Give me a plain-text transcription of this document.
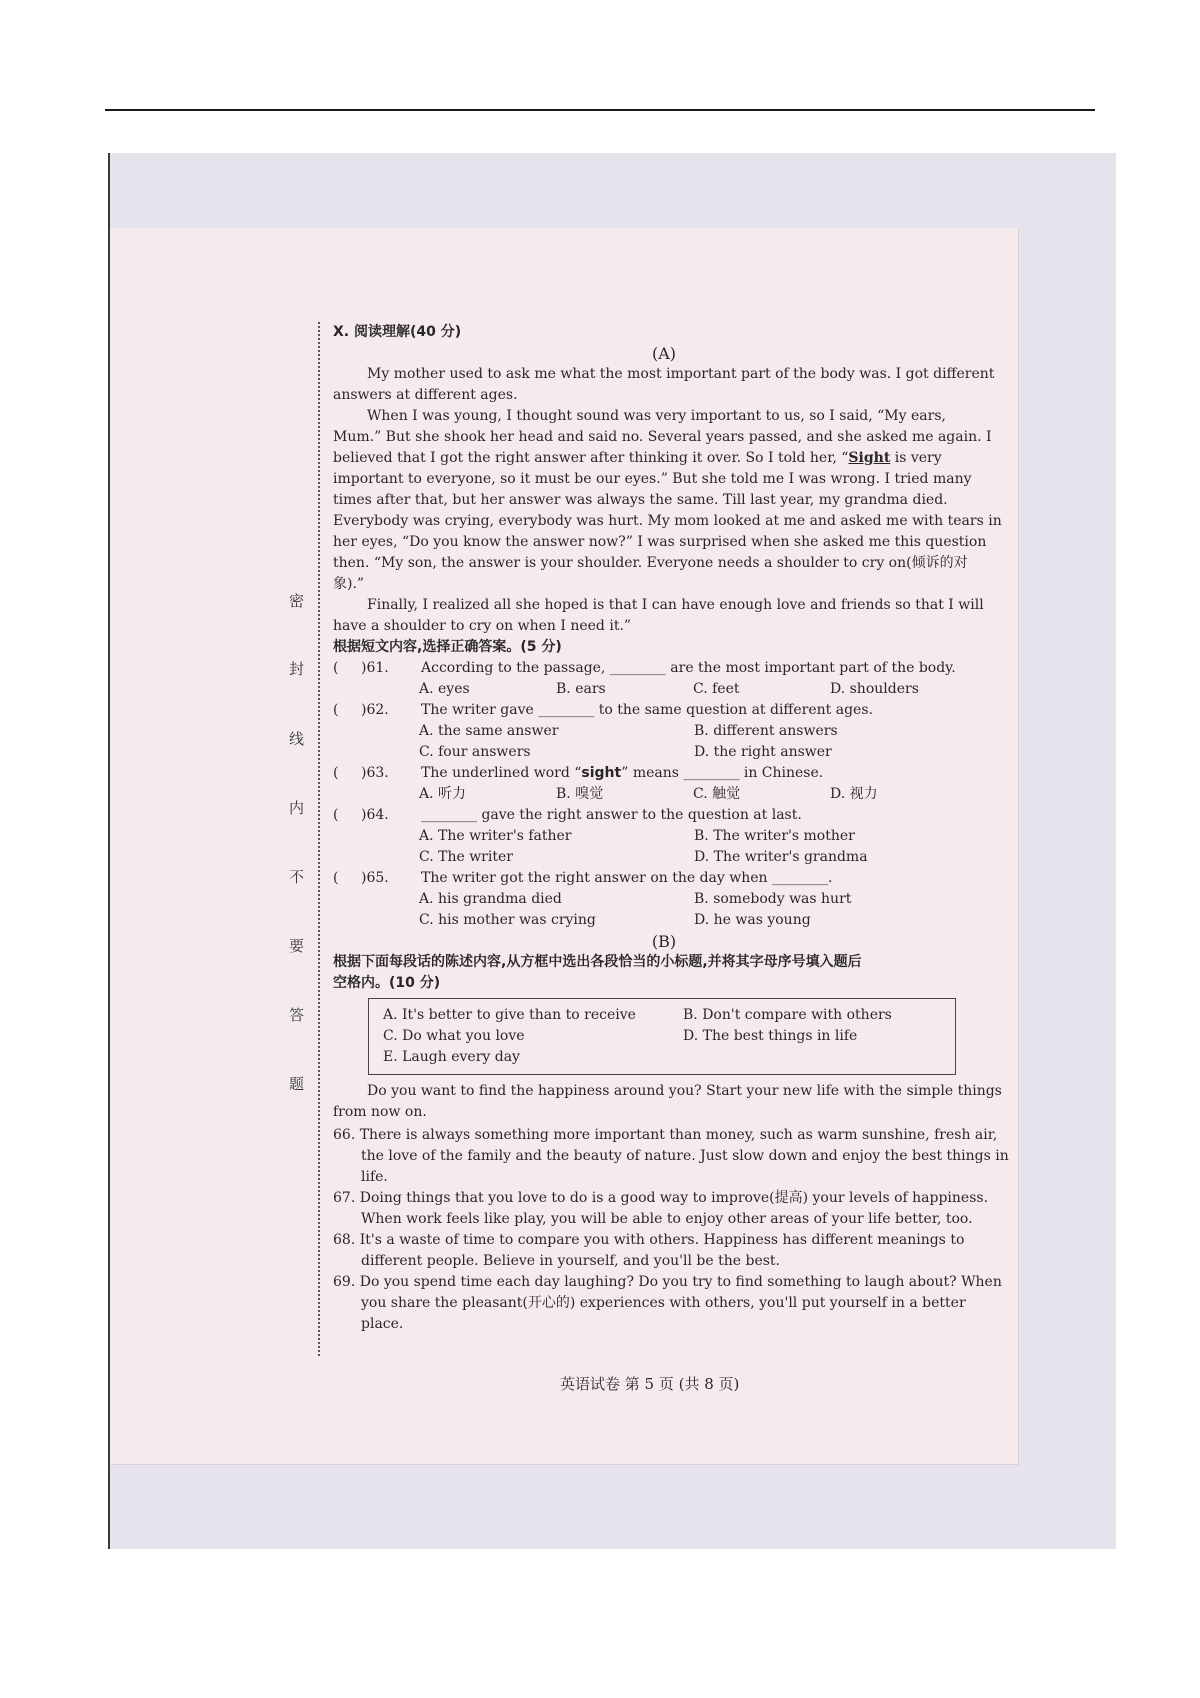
密
封
线
内
不
要
答
题
X. 阅读理解(40 分)
(A)
My mother used to ask me what the most important part of the body was. I got different
answers at different ages.
When I was young, I thought sound was very important to us, so I said, “My ears,
Mum.” But she shook her head and said no. Several years passed, and she asked me again. I
believed that I got the right answer after thinking it over. So I told her, “Sight is very
important to everyone, so it must be our eyes.” But she told me I was wrong. I tried many
times after that, but her answer was always the same. Till last year, my grandma died.
Everybody was crying, everybody was hurt. My mom looked at me and asked me with tears in
her eyes, “Do you know the answer now?” I was surprised when she asked me this question
then. “My son, the answer is your shoulder. Everyone needs a shoulder to cry on(倾诉的对
象).”
Finally, I realized all she hoped is that I can have enough love and friends so that I will
have a shoulder to cry on when I need it.”
根据短文内容,选择正确答案。(5 分)
(	)61.	According to the passage, ________ are the most important part of the body.
A. eyes	B. ears	C. feet	D. shoulders
(	)62.	The writer gave ________ to the same question at different ages.
A. the same answer	B. different answers
C. four answers	D. the right answer
(	)63.	The underlined word “ sight ” means ________ in Chinese.
A. 听力	B. 嗅觉	C. 触觉	D. 视力
(	)64.	________ gave the right answer to the question at last.
A. The writer's father	B. The writer's mother
C. The writer	D. The writer's grandma
(	)65.	The writer got the right answer on the day when ________.
A. his grandma died	B. somebody was hurt
C. his mother was crying	D. he was young
(B)
根据下面每段话的陈述内容,从方框中选出各段恰当的小标题,并将其字母序号填入题后
空格内。(10 分)
A. It's better to give than to receive	B. Don't compare with others
C. Do what you love	D. The best things in life
E. Laugh every day
Do you want to find the happiness around you? Start your new life with the simple things
from now on.
66. There is always something more important than money, such as warm sunshine, fresh air,
the love of the family and the beauty of nature. Just slow down and enjoy the best things in
life.
67. Doing things that you love to do is a good way to improve(提高) your levels of happiness.
When work feels like play, you will be able to enjoy other areas of your life better, too.
68. It's a waste of time to compare you with others. Happiness has different meanings to
different people. Believe in yourself, and you'll be the best.
69. Do you spend time each day laughing? Do you try to find something to laugh about? When
you share the pleasant(开心的) experiences with others, you'll put yourself in a better
place.
英语试卷 第 5 页 (共 8 页)
